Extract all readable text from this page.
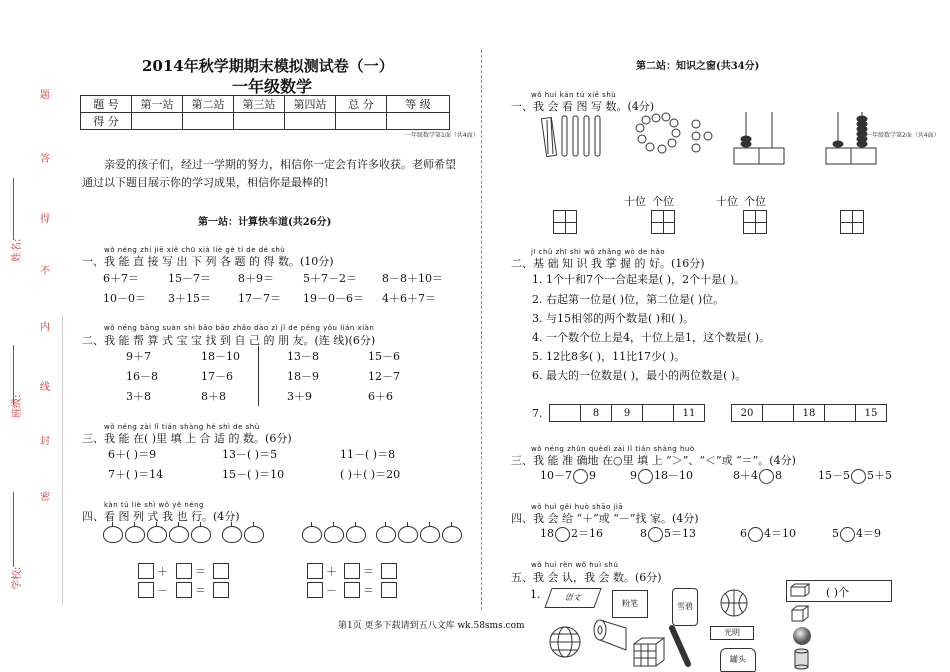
题
答
得
不
内
线
封
密
姓名:
班级:
学校:
2014年秋学期期末模拟测试卷（一）
一年级数学
题 号	第一站	第二站	第三站	第四站	总 分	等 级
得 分						
一年级数学第1面（共4面）
亲爱的孩子们，经过一学期的努力，相信你一定会有许多收获。老师希望
通过以下题目展示你的学习成果，相信你是最棒的!
第一站：计算快车道(共26分)
wǒ néng zhí jiē xiě chū xià liè gè tí de dé shù
一、我 能 直 接 写 出 下 列 各 题 的 得 数。(10分)
6＋7＝	15－7＝ 8＋9＝	5＋7－2＝ 8－8＋10＝
10－0＝ 3＋15＝ 17－7＝ 19－0－6＝ 4＋6＋7＝
wǒ néng bāng suàn shì bǎo bǎo zhǎo dào zì jǐ de péng yǒu lián xiàn
二、我 能 帮 算 式 宝 宝 找 到 自 己 的 朋 友。(连 线)(6分)
9＋7
16－8
3＋8
18－10
17－6
8＋8
13－8
18－9
3＋9
15－6
12－7
6＋6
wǒ néng zài lǐ tián shàng hé shì de shù
三、我 能 在( )里 填 上 合 适 的 数。(6分)
6＋( )＝9	13－( )＝5	11－( )＝8
7＋( )＝14	15－( )＝10	( )＋( )＝20
kàn tú liè shì wǒ yě néng
四、看 图 列 式 我 也 行。(4分)
＋ ＝
－ ＝
＋ ＝
－ ＝
第二站：知识之窗(共34分)
wǒ huì kàn tú xiě shù
一、我 会 看 图 写 数。(4分)
一年级数学第2面（共4面）
十位 个位	十位 个位
jī chǔ zhī shi wǒ zhǎng wò de hǎo
二、基 础 知 识 我 掌 握 的 好。(16分)
1. 1个十和7个一合起来是( )，2个十是( )。
2. 右起第一位是( )位，第二位是( )位。
3. 与15相邻的两个数是( )和( )。
4. 一个数个位上是4，十位上是1，这个数是( )。
5. 12比8多( )，11比17少( )。
6. 最大的一位数是( )，最小的两位数是( )。
7.
		8	9		11	20		18		15
wǒ néng zhǔn quèdì zài lǐ tián shàng huò
三、我 能 准 确地 在○里 填 上 “＞”、“＜”或 “＝”。(4分)
10－7 9	9 18－10	8＋4 8	15－5 5＋5
wǒ huì gěi huò shāo jiā
四、我 会 给 “＋”或 “－”找 家。(4分)
18 2＝16	8 5＝13	6 4＝10	5 4＝9
wǒ huì rèn wǒ huì shǔ
五、我 会 认，我 会 数。(6分)
1.	语文
粉笔	雪碧
( )个
光明
罐头
第1页 更多下载请到五八文库 wk.58sms.com
